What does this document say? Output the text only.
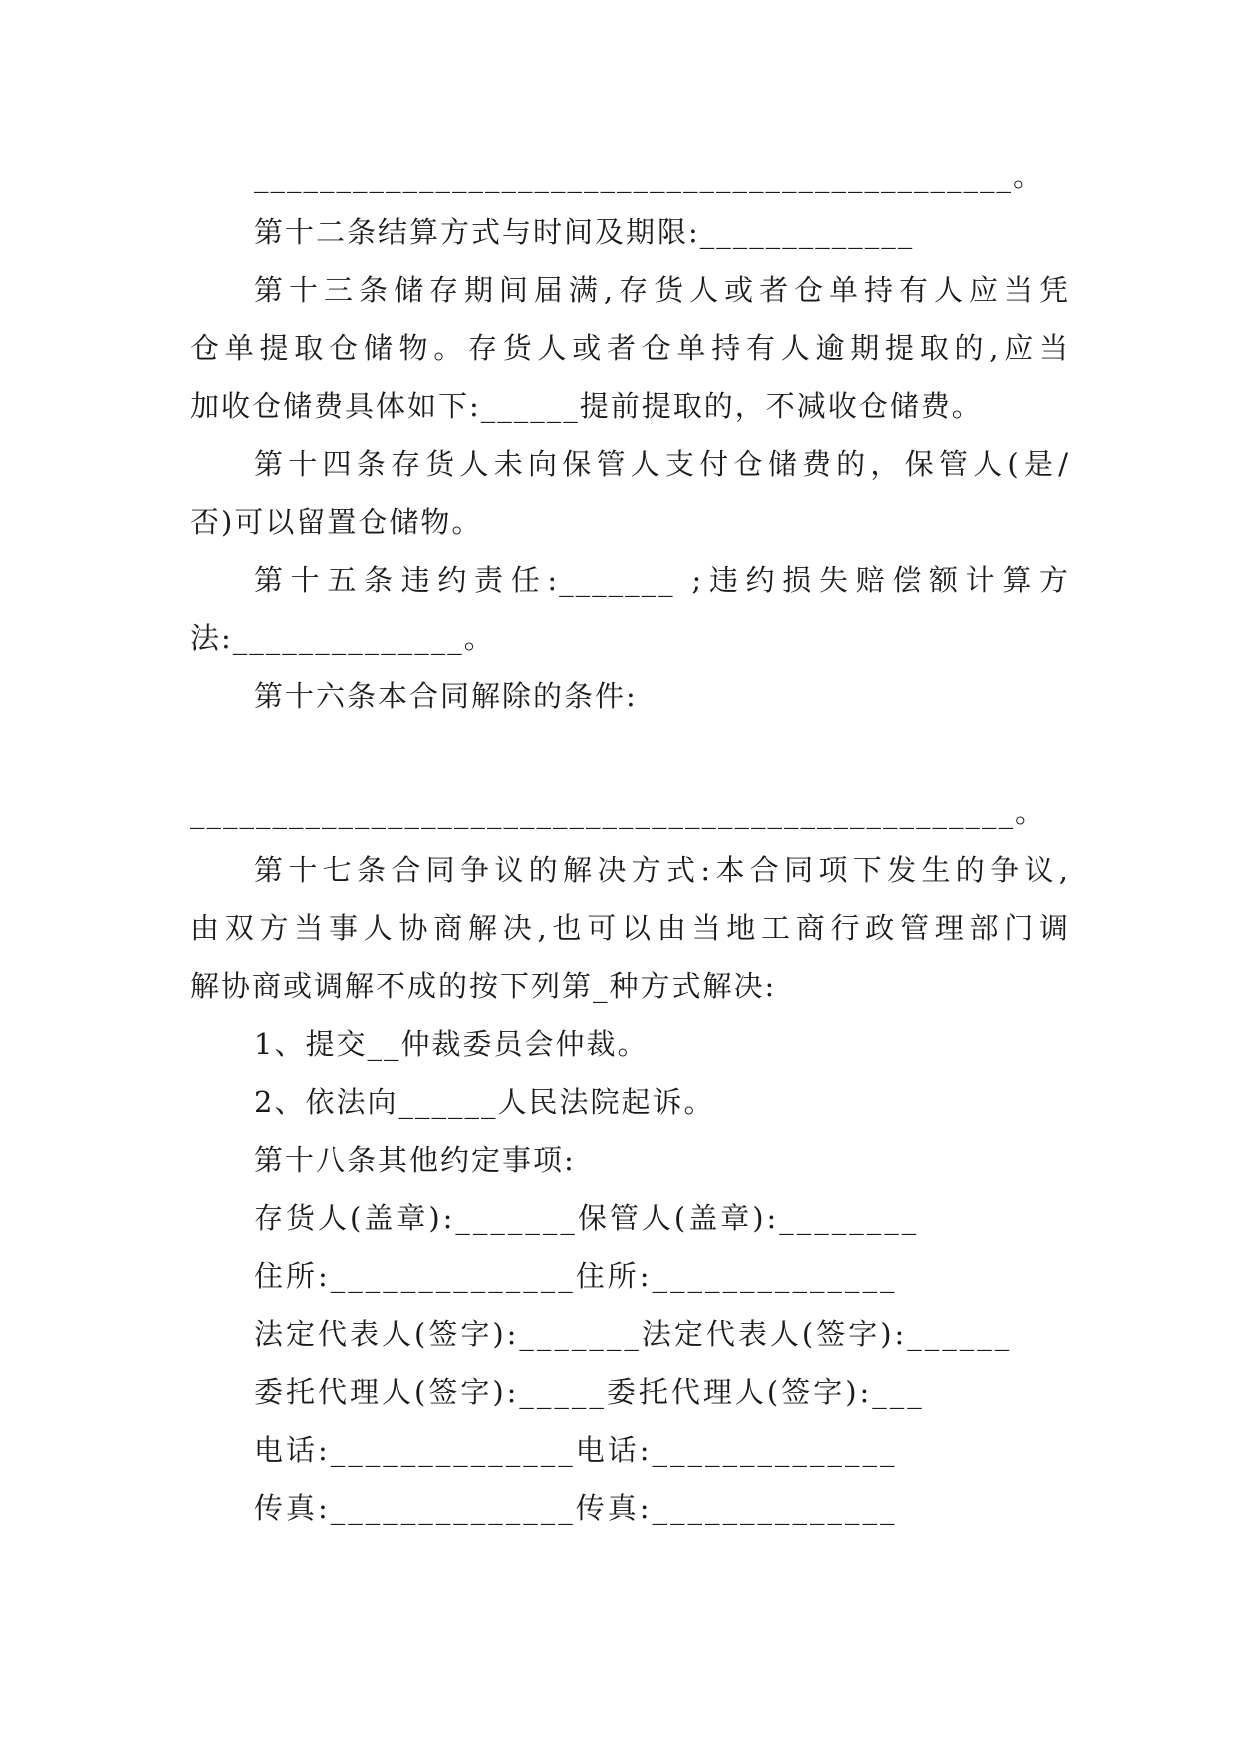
______________________________________________。
第十二条结算方式与时间及期限:_____________
第十三条储存期间届满,存货人或者仓单持有人应当凭
仓单提取仓储物。存货人或者仓单持有人逾期提取的,应当
加收仓储费具体如下:______提前提取的，不减收仓储费。
第十四条存货人未向保管人支付仓储费的，保管人(是/
否)可以留置仓储物。
第十五条违约责任:_______ ;违约损失赔偿额计算方
法:______________。
第十六条本合同解除的条件:
__________________________________________________。
第十七条合同争议的解决方式:本合同项下发生的争议,
由双方当事人协商解决,也可以由当地工商行政管理部门调
解协商或调解不成的按下列第_种方式解决:
1、提交__仲裁委员会仲裁。
2、依法向______人民法院起诉。
第十八条其他约定事项:
存货人(盖章):_______保管人(盖章):________
住所:______________住所:______________
法定代表人(签字):_______法定代表人(签字):______
委托代理人(签字):_____委托代理人(签字):___
电话:______________电话:______________
传真:______________传真:______________
